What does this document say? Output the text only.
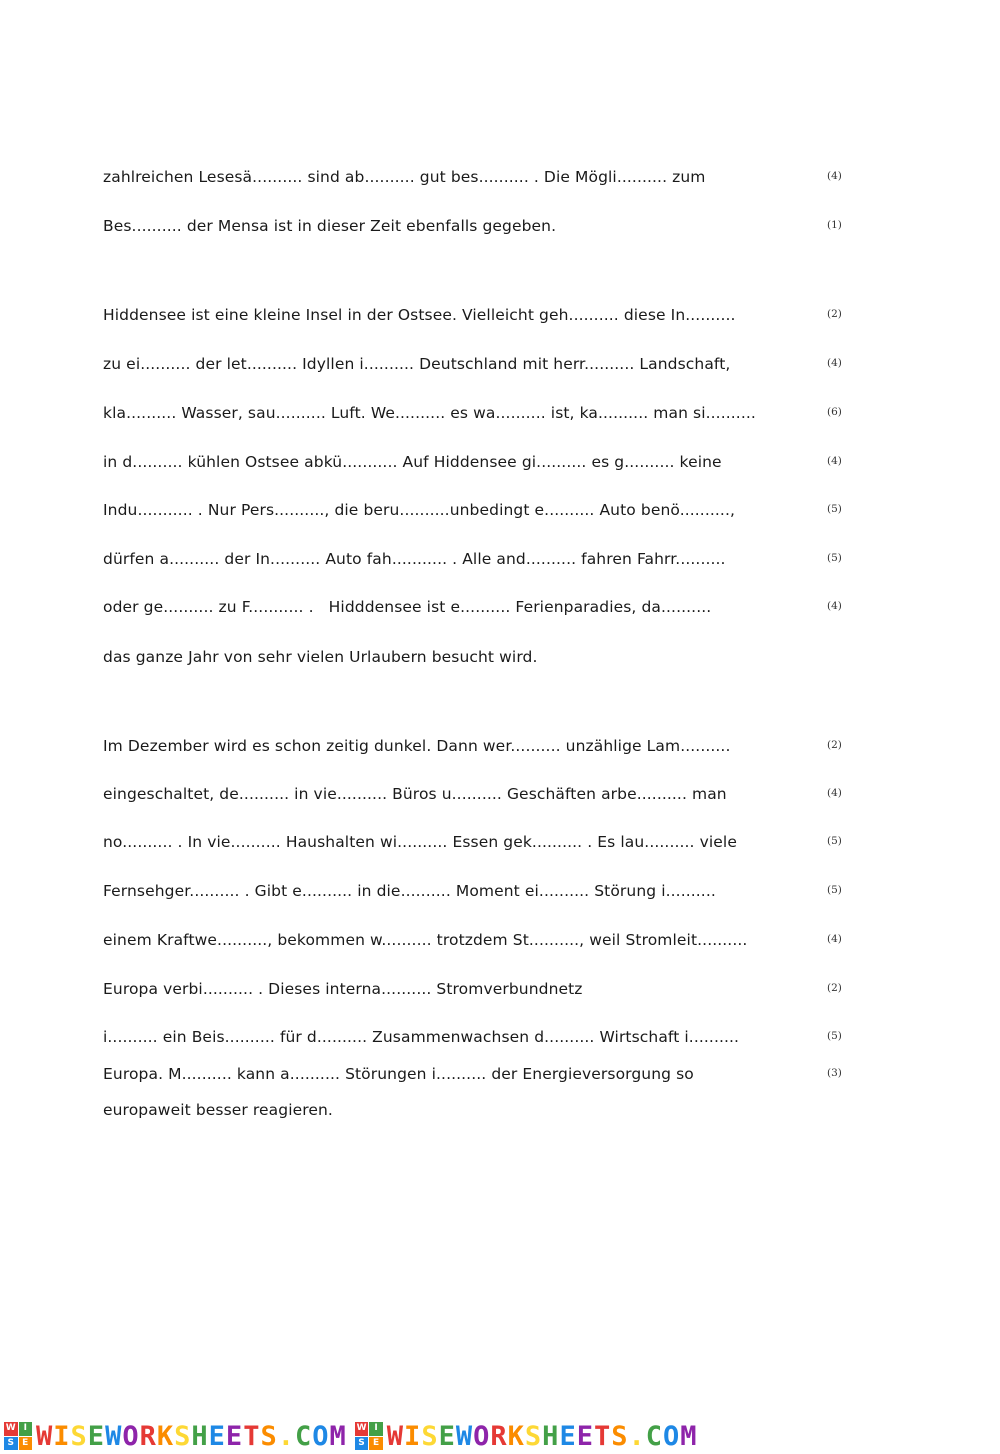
zahlreichen Lesesä.......... sind ab.......... gut bes.......... . Die Mögli.......... zum	(4)
Bes.......... der Mensa ist in dieser Zeit ebenfalls gegeben.	(1)
Hiddensee ist eine kleine Insel in der Ostsee. Vielleicht geh.......... diese In..........	(2)
zu ei.......... der let.......... Idyllen i.......... Deutschland mit herr.......... Landschaft,	(4)
kla.......... Wasser, sau.......... Luft. We.......... es wa.......... ist, ka.......... man si..........	(6)
in d.......... kühlen Ostsee abkü........... Auf Hiddensee gi.......... es g.......... keine	(4)
Indu........... . Nur Pers.........., die beru..........unbedingt e.......... Auto benö..........,	(5)
dürfen a.......... der In.......... Auto fah........... . Alle and.......... fahren Fahrr..........	(5)
oder ge.......... zu F........... .   Hidddensee ist e.......... Ferienparadies, da..........	(4)
das ganze Jahr von sehr vielen Urlaubern besucht wird.
Im Dezember wird es schon zeitig dunkel. Dann wer.......... unzählige Lam..........	(2)
eingeschaltet, de.......... in vie.......... Büros u.......... Geschäften arbe.......... man	(4)
no.......... . In vie.......... Haushalten wi.......... Essen gek.......... . Es lau.......... viele	(5)
Fernsehger.......... . Gibt e.......... in die.......... Moment ei.......... Störung i..........	(5)
einem Kraftwe.........., bekommen w.......... trotzdem St.........., weil Stromleit..........	(4)
Europa verbi.......... . Dieses interna.......... Stromverbundnetz	(2)
i.......... ein Beis.......... für d.......... Zusammenwachsen d.......... Wirtschaft i..........	(5)
Europa. M.......... kann a.......... Störungen i.......... der Energieversorgung so	(3)
europaweit besser reagieren.
W I
S E WISEWORKSHEETS.COM W I
S E WISEWORKSHEETS.COM
